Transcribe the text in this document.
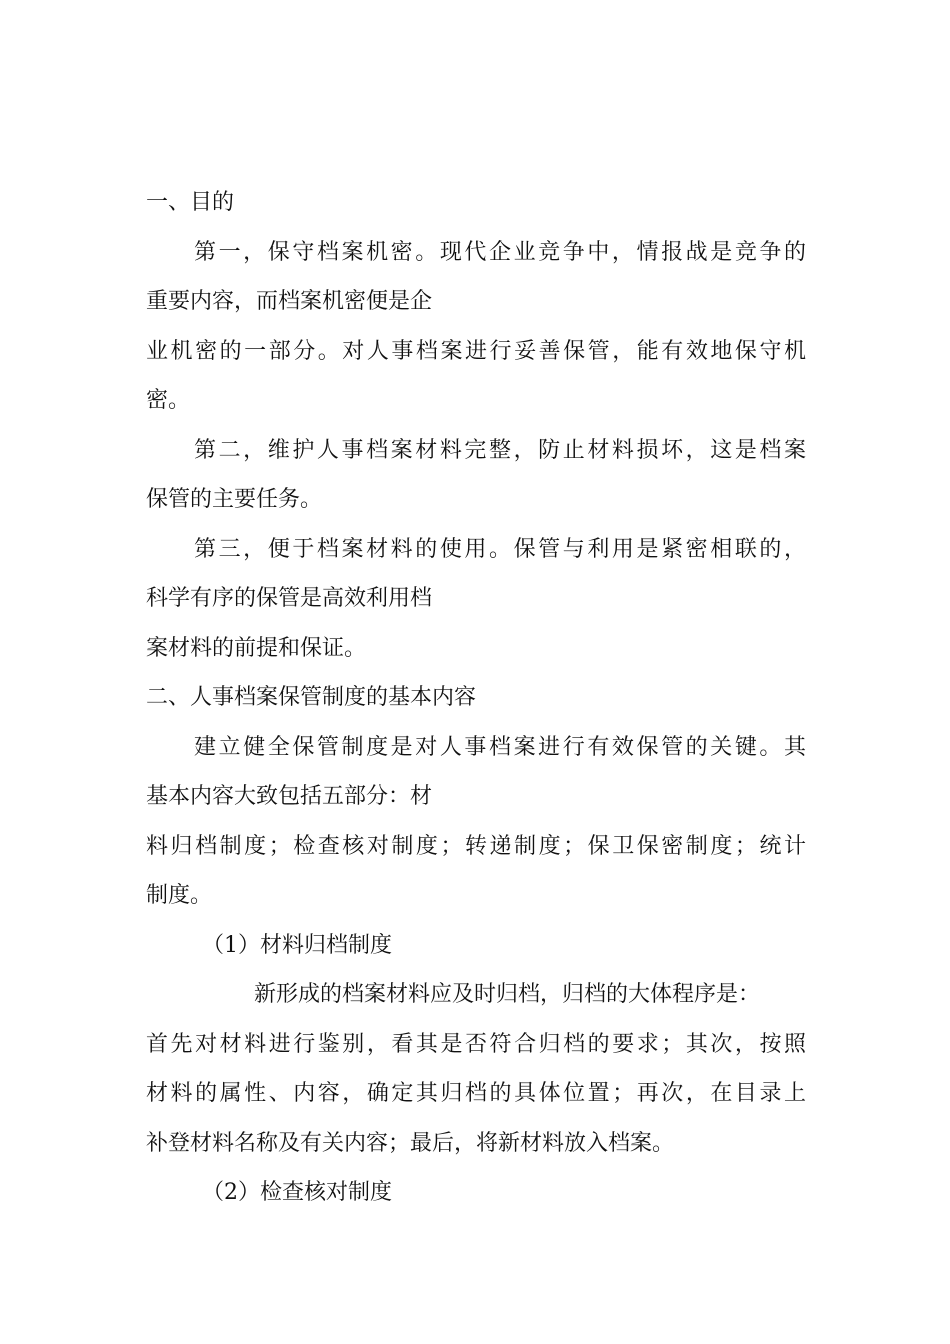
一、目的
第一，保守档案机密。现代企业竞争中，情报战是竞争的
重要内容，而档案机密便是企
业机密的一部分。对人事档案进行妥善保管，能有效地保守机
密。
第二，维护人事档案材料完整，防止材料损坏，这是档案
保管的主要任务。
第三，便于档案材料的使用。保管与利用是紧密相联的，
科学有序的保管是高效利用档
案材料的前提和保证。
二、人事档案保管制度的基本内容
建立健全保管制度是对人事档案进行有效保管的关键。其
基本内容大致包括五部分：材
料归档制度；检查核对制度；转递制度；保卫保密制度；统计
制度。
（1）材料归档制度
新形成的档案材料应及时归档，归档的大体程序是：
首先对材料进行鉴别，看其是否符合归档的要求；其次，按照
材料的属性、内容，确定其归档的具体位置；再次，在目录上
补登材料名称及有关内容；最后，将新材料放入档案。
（2）检查核对制度
